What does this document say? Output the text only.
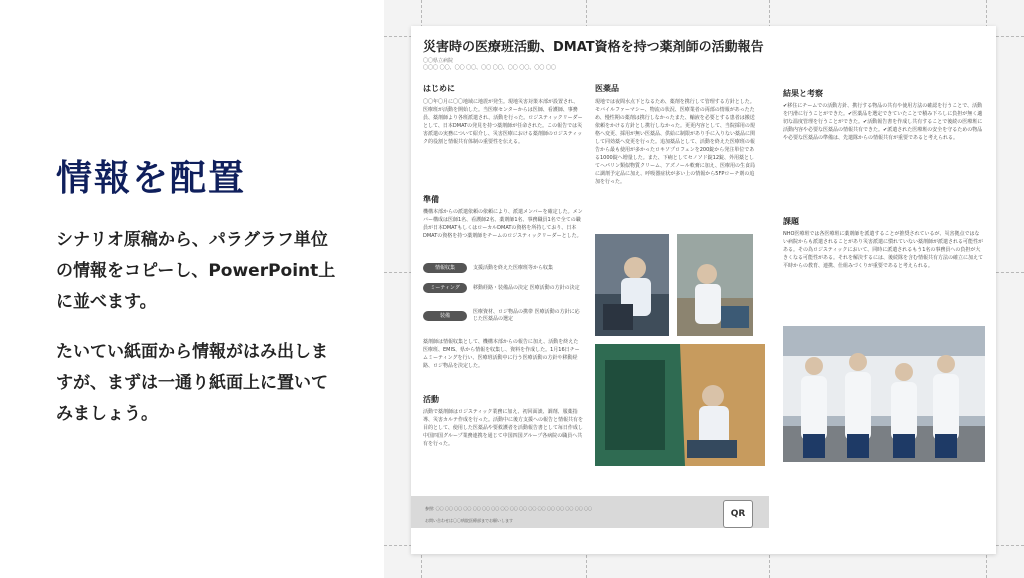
情報を配置

シナリオ原稿から、パラグラフ単位の情報をコピーし、PowerPoint上に並べます。

たいてい紙面から情報がはみ出しますが、まずは一通り紙面上に置いてみましょう。

災害時の医療班活動、DMAT資格を持つ薬剤師の活動報告
〇〇県立病院
〇〇〇 〇〇、〇〇 〇〇、〇〇 〇〇、〇〇 〇〇、〇〇 〇〇
はじめに
〇〇年〇月に〇〇地域に地震が発生。現地災害対策本部が設置され、医療班が活動を開始した。当医療センターからは医師、看護師、事務員、薬剤師より各班派遣され、活動を行った。ロジスティックリーダーとして、日本DMATの発見を持つ薬剤師が任命された。この報告では災害派遣の実務について紹介し、災害医療における薬剤師のロジスティック的役割と情報共有体制の重要性を伝える。
準備
機構本部からの派遣依頼の依頼により、派遣メンバーを確定した。メンバー構成は医師1名、看護師2名、薬剤師1名、事務職員1名で全ての職員が日本DMATもしくはローカルDMATの資格を所持しており、日本DMATの資格を持つ薬剤師をチームのロジスティックリーダーとした。
情報収集	支援活動を終えた医療班等から収集
ミーティング	移動経路・装備品の決定 医療活動の方針の決定
装備
医療資材、ロジ物品の携帯 医療活動の方針に応じた医薬品の選定
薬剤師は情報収集として、機構本部からの報告に加え、活動を終えた医療班、EMIS、県から情報を収集し、資料を作成した。1月16日チームミーティングを行い、医療班活動中に行う医療活動の方針や移動経路、ロジ物品を決定した。
活動
活動で薬剤師はロジスティック業務に加え、初回面談、調剤、服薬指導、災害カルテ作成を行った。活動中に後方支援への報告と情報共有を目的として、使用した医薬品や要救護者を活動報告書として毎日作成し中国四国グループ業務連携を通じて中国四国グループ各病院の職員へ共有を行った。
医薬品
現地では夜間水点下となるため、薬剤を携行して管理する方針とした。モバイルファーマシー、物流の状況、医療業者の両部の情報があったため、慢性期の薬剤は携行しなかったまた、輸液を必要とする患者は搬送依頼をかける方針とし携行しなかった。更更内容として、当院採用の規格へ変更、採用が無い医薬品、供給に制限があり手に入りない薬品に関して同効薬へ変更を行った。追加薬品として、活動を終えた医療班の報告から最も使用が多かったロキソプロフェンを200錠から発注単位である1000錠へ増量した。また、下痢としてセノソド錠12錠、外用薬としてヘパリン類似物質クリーム、アズノール軟膏に加え、医療用の生食局に調剤予定品に加え、呼吸器症状が多い上の情報から5FPローチ剤の追加を行った。
結果と考察
✔移住にチームでの活動方針、携行する物品の共有や使用方法の確認を行うことで、活動を円滑に行うことができた。✔医薬品を選定できていたことで積み下ろしに負担が無く適切な温度管理を行うことができた。✔活動報告書を作成し共有することで後続の医療班に活動内容や必要な医薬品の情報共有できた。✔派遣された医療班の安全を守るための物品や必要な医薬品の準備は、先遣隊からの情報共有が重要であると考えられる。
課題
NHO医療班では各医療班に薬剤師を派遣することが推奨されているが、災害拠点ではない病院からも派遣されることがあり災害派遣に慣れていない薬剤師が派遣される可能性がある。その為ロジスティックにおいて、同時に派遣されるもう1名の事務員への負担が大きくなる可能性がある。それを解決するには、後続隊を含む情報共有方法の確立に加えて平時からの教育、連携、仕組みづくりが重要であると考えられる。
参照: 〇〇 〇〇 〇〇 〇〇 〇〇 〇〇 〇〇 〇〇 〇〇 〇〇 〇〇 〇〇 〇〇 〇〇 〇〇 〇〇 〇〇
お問い合わせは〇〇病院医療部までお願いします
QR
